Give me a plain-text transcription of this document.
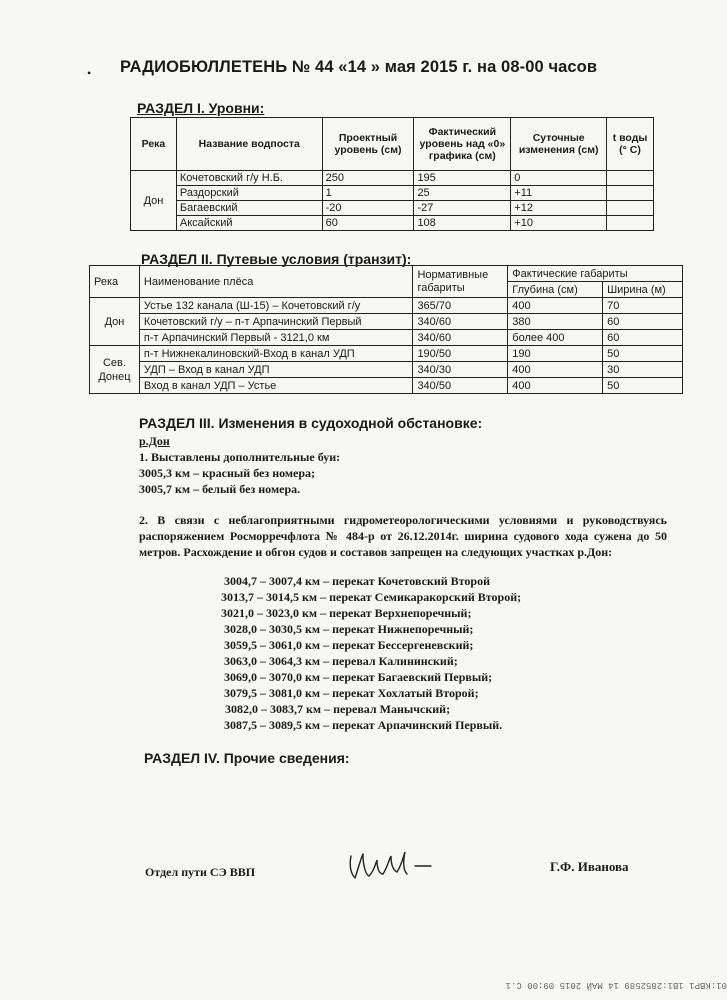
• РАДИОБЮЛЛЕТЕНЬ № 44 «14 » мая 2015 г. на 08-00 часов
РАЗДЕЛ I. Уровни:
Река	Название водпоста	Проектный уровень (см)	Фактический уровень над «0» графика (см)	Суточные изменения (см)	t воды (° С)
Дон	Кочетовский г/у Н.Б.	250	195	0	
	Раздорский	1	25	+11	
	Багаевский	-20	-27	+12	
	Аксайский	60	108	+10	
РАЗДЕЛ II. Путевые условия (транзит):
Река	Наименование плёса	Нормативные габариты	Фактические габариты	
			Глубина (см)	Ширина (м)
Дон	Устье 132 канала (Ш-15) – Кочетовский г/у	365/70	400	70
	Кочетовский г/у – п-т Арпачинский Первый	340/60	380	60
	п-т Арпачинский Первый - 3121,0 км	340/60	более 400	60
Сев. Донец	п-т Нижнекалиновский-Вход в канал УДП	190/50	190	50
	УДП – Вход в канал УДП	340/30	400	30
	Вход в канал УДП – Устье	340/50	400	50
РАЗДЕЛ III. Изменения в судоходной обстановке:
р.Дон
1. Выставлены дополнительные буи:
3005,3 км – красный без номера;
3005,7 км – белый без номера.
2. В связи с неблагоприятными гидрометеорологическими условиями и руководствуясь распоряжением Росморречфлота № 484-р от 26.12.2014г. ширина судового хода сужена до 50 метров. Расхождение и обгон судов и составов запрещен на следующих участках р.Дон:
3004,7 – 3007,4 км – перекат Кочетовский Второй
3013,7 – 3014,5 км – перекат Семикаракорский Второй;
3021,0 – 3023,0 км – перекат Верхнепоречный;
3028,0 – 3030,5 км – перекат Нижнепоречный;
3059,5 – 3061,0 км – перекат Бессергеневский;
3063,0 – 3064,3 км – перевал Калининский;
3069,0 – 3070,0 км – перекат Багаевский Первый;
3079,5 – 3081,0 км – перекат Хохлатый Второй;
3082,0 – 3083,7 км – перевал Манычский;
3087,5 – 3089,5 км – перекат Арпачинский Первый.
РАЗДЕЛ IV. Прочие сведения:
Отдел пути СЭ ВВП	Г.Ф. Иванова
01:KBP1 1B1:2852589 14 МАЙ 2015 09:00 С.1
